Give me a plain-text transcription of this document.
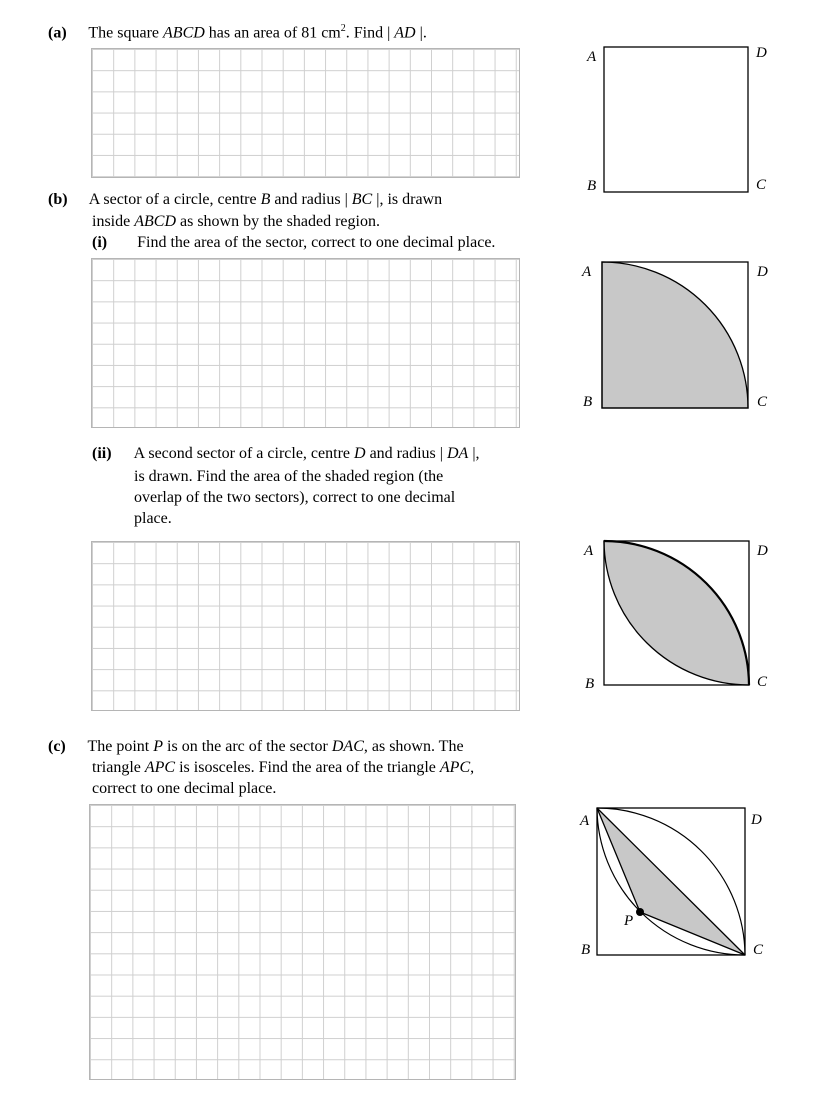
(a) The square ABCD has an area of 81 $cm^2$. Find | AD |.
A	D
B	C
(b) A sector of a circle, centre B and radius | BC |, is drawn
inside ABCD as shown by the shaded region.
(i) Find the area of the sector, correct to one decimal place.
A	D
B	C
(ii) A second sector of a circle, centre D and radius | DA |,
is drawn. Find the area of the shaded region (the
overlap of the two sectors), correct to one decimal
place.
A	D
B	C
(c) The point P is on the arc of the sector DAC, as shown. The
triangle APC is isosceles. Find the area of the triangle APC,
correct to one decimal place.
A	D
B	C
P
